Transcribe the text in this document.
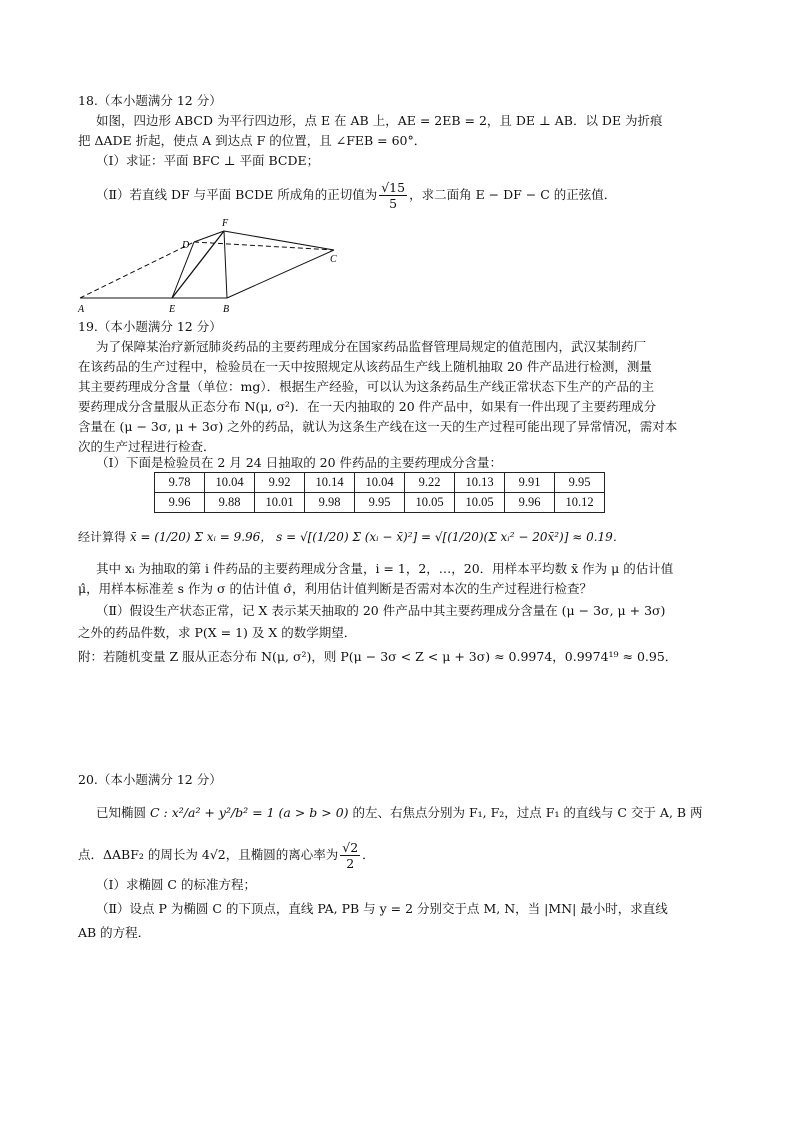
18.（本小题满分 12 分）
如图，四边形 ABCD 为平行四边形，点 E 在 AB 上，AE = 2EB = 2，且 DE ⊥ AB．以 DE 为折痕
把 ΔADE 折起，使点 A 到达点 F 的位置，且 ∠FEB = 60°．
（Ⅰ）求证：平面 BFC ⊥ 平面 BCDE；
（Ⅱ）若直线 DF 与平面 BCDE 所成角的正切值为 $\frac{√15}{5}$ ，求二面角 E − DF − C 的正弦值．
F
D
C
A	E	B
19.（本小题满分 12 分）
为了保障某治疗新冠肺炎药品的主要药理成分在国家药品监督管理局规定的值范围内，武汉某制药厂
在该药品的生产过程中，检验员在一天中按照规定从该药品生产线上随机抽取 20 件产品进行检测，测量
其主要药理成分含量（单位：mg）．根据生产经验，可以认为这条药品生产线正常状态下生产的产品的主
要药理成分含量服从正态分布 N(μ, σ²)．在一天内抽取的 20 件产品中，如果有一件出现了主要药理成分
含量在 (μ − 3σ, μ + 3σ) 之外的药品，就认为这条生产线在这一天的生产过程可能出现了异常情况，需对本
次的生产过程进行检查．
（Ⅰ）下面是检验员在 2 月 24 日抽取的 20 件药品的主要药理成分含量：
9.78	10.04	9.92	10.14	10.04	9.22	10.13	9.91	9.95
9.96	9.88	10.01	9.98	9.95	10.05	10.05	9.96	10.12
经计算得 x̄ = (1/20) Σ xᵢ = 9.96， s = √[(1/20) Σ (xᵢ − x̄)²] = √[(1/20)(Σ xᵢ² − 20x̄²)] ≈ 0.19．
其中 xᵢ 为抽取的第 i 件药品的主要药理成分含量，i = 1，2，…，20．用样本平均数 x̄ 作为 μ 的估计值
μ̂，用样本标准差 s 作为 σ 的估计值 σ̂，利用估计值判断是否需对本次的生产过程进行检查？
（Ⅱ）假设生产状态正常，记 X 表示某天抽取的 20 件产品中其主要药理成分含量在 (μ − 3σ, μ + 3σ)
之外的药品件数，求 P(X = 1) 及 X 的数学期望．
附：若随机变量 Z 服从正态分布 N(μ, σ²)，则 P(μ − 3σ < Z < μ + 3σ) ≈ 0.9974，0.9974¹⁹ ≈ 0.95．
20.（本小题满分 12 分）
已知椭圆 C : x²/a² + y²/b² = 1 (a > b > 0) 的左、右焦点分别为 F₁, F₂，过点 F₁ 的直线与 C 交于 A, B 两
点．ΔABF₂ 的周长为 4√2，且椭圆的离心率为 $\frac{√2}{2}$ ．
（Ⅰ）求椭圆 C 的标准方程；
（Ⅱ）设点 P 为椭圆 C 的下顶点，直线 PA, PB 与 y = 2 分别交于点 M, N，当 |MN| 最小时，求直线
AB 的方程．
